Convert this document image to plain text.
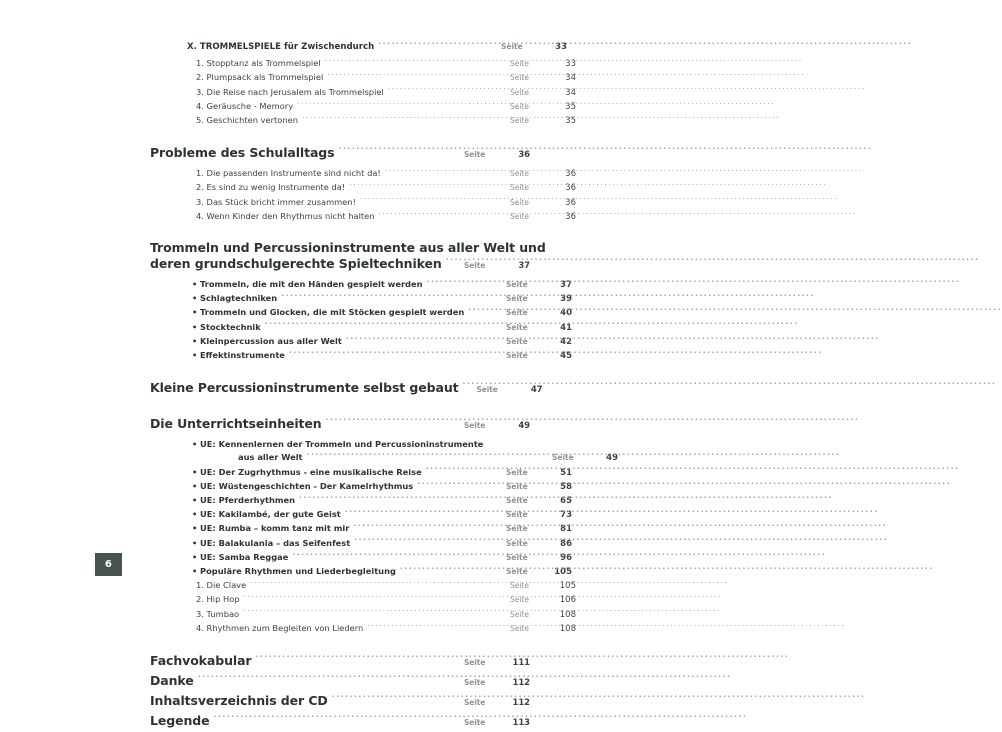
X. TROMMELSPIELE für Zwischendurch .....	Seite	33
1. Stopptanz als Trommelspiel .....	Seite	33
2. Plumpsack als Trommelspiel .....	Seite	34
3. Die Reise nach Jerusalem als Trommelspiel .....	Seite	34
4. Geräusche - Memory .....	Seite	35
5. Geschichten vertonen .....	Seite	35
Probleme des Schulalltags .....	Seite	36
1. Die passenden Instrumente sind nicht da! .....	Seite	36
2. Es sind zu wenig Instrumente da! .....	Seite	36
3. Das Stück bricht immer zusammen! .....	Seite	36
4. Wenn Kinder den Rhythmus nicht halten .....	Seite	36
Trommeln und Percussioninstrumente aus aller Welt und
deren grundschulgerechte Spieltechniken .....	Seite	37
• Trommeln, die mit den Händen gespielt werden .....	Seite	37
• Schlagtechniken .....	Seite	39
• Trommeln und Glocken, die mit Stöcken gespielt werden .....	Seite	40
• Stocktechnik .....	Seite	41
• Kleinpercussion aus aller Welt .....	Seite	42
• Effektinstrumente .....	Seite	45
Kleine Percussioninstrumente selbst gebaut .....	Seite	47
Die Unterrichtseinheiten .....	Seite	49
• UE: Kennenlernen der Trommeln und Percussioninstrumente
aus aller Welt .....	Seite	49
• UE: Der Zugrhythmus - eine musikalische Reise .....	Seite	51
• UE: Wüstengeschichten - Der Kamelrhythmus .....	Seite	58
• UE: Pferderhythmen .....	Seite	65
• UE: Kakilambé, der gute Geist .....	Seite	73
• UE: Rumba – komm tanz mit mir .....	Seite	81
• UE: Balakulania – das Seifenfest .....	Seite	86
• UE: Samba Reggae .....	Seite	96
• Populäre Rhythmen und Liederbegleitung .....	Seite	105
1. Die Clave .....	Seite	105
2. Hip Hop .....	Seite	106
3. Tumbao .....	Seite	108
4. Rhythmen zum Begleiten von Liedern .....	Seite	108
Fachvokabular .....	Seite	111
Danke .....	Seite	112
Inhaltsverzeichnis der CD .....	Seite	112
Legende .....	Seite	113
6
